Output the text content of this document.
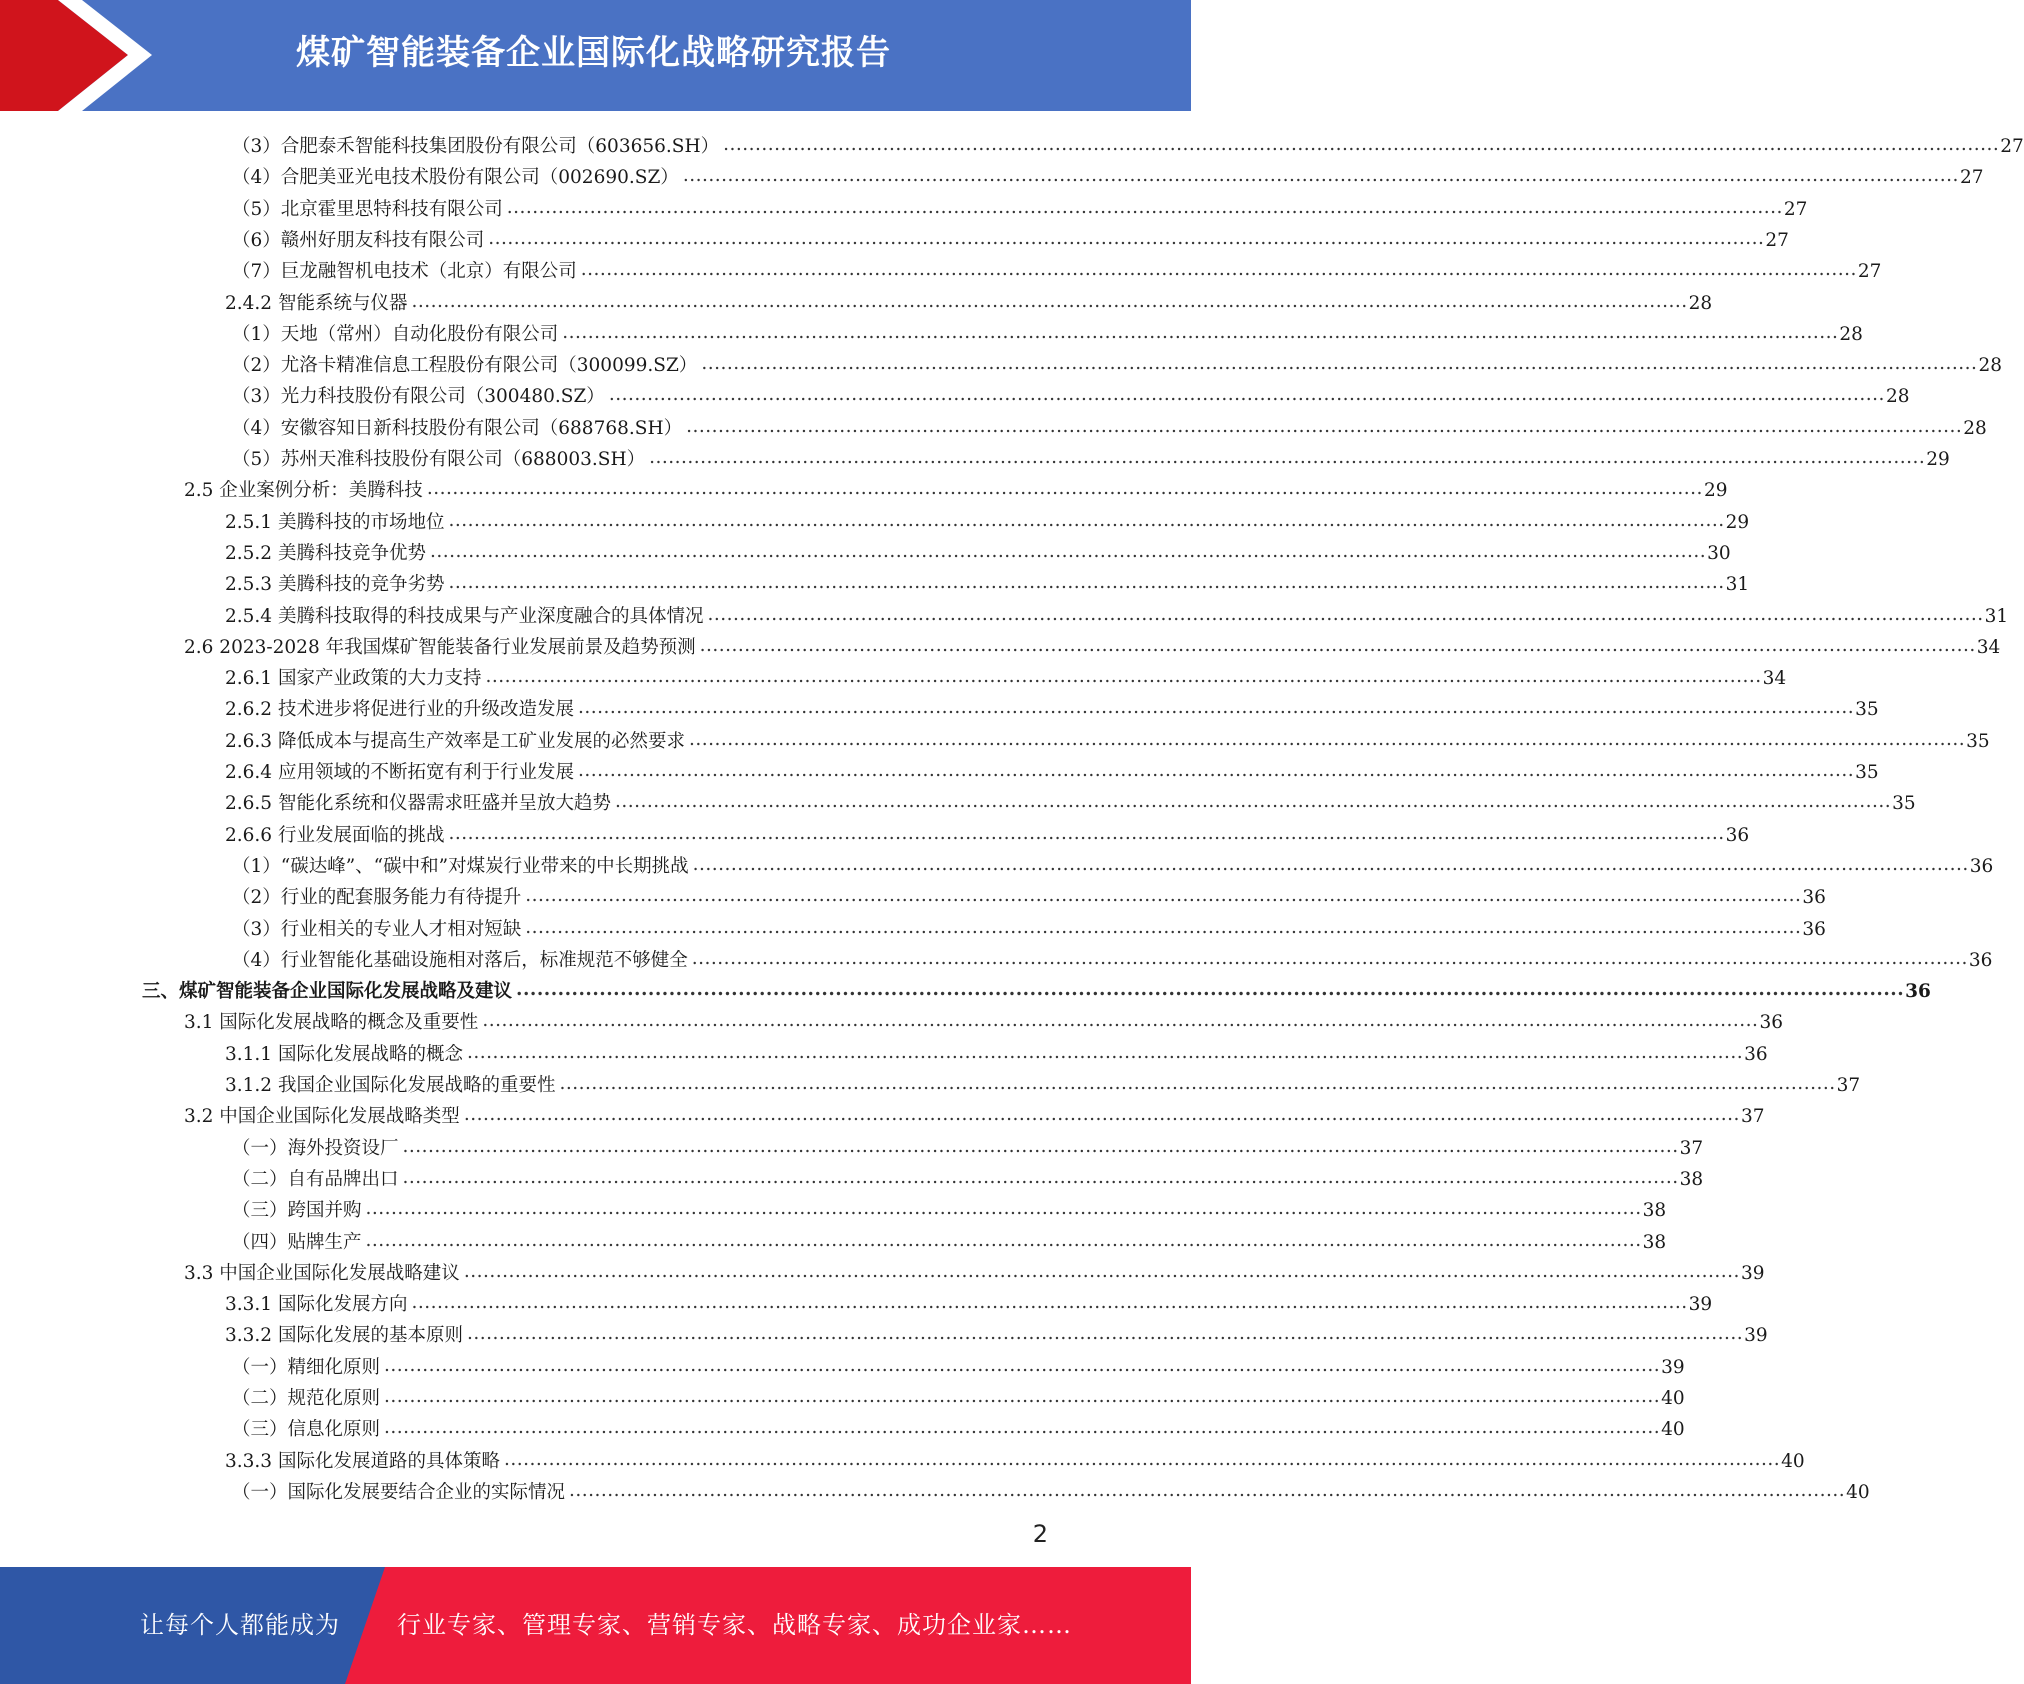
煤矿智能装备企业国际化战略研究报告
（3）合肥泰禾智能科技集团股份有限公司（603656.SH） ........................................................................................................................................................................................................ 27
（4）合肥美亚光电技术股份有限公司（002690.SZ） ........................................................................................................................................................................................................ 27
（5）北京霍里思特科技有限公司 ........................................................................................................................................................................................................ 27
（6）赣州好朋友科技有限公司 ........................................................................................................................................................................................................ 27
（7）巨龙融智机电技术（北京）有限公司 ........................................................................................................................................................................................................ 27
2.4.2 智能系统与仪器 ........................................................................................................................................................................................................ 28
（1）天地（常州）自动化股份有限公司 ........................................................................................................................................................................................................ 28
（2）尤洛卡精准信息工程股份有限公司（300099.SZ） ........................................................................................................................................................................................................ 28
（3）光力科技股份有限公司（300480.SZ） ........................................................................................................................................................................................................ 28
（4）安徽容知日新科技股份有限公司（688768.SH） ........................................................................................................................................................................................................ 28
（5）苏州天准科技股份有限公司（688003.SH） ........................................................................................................................................................................................................ 29
2.5 企业案例分析：美腾科技 ........................................................................................................................................................................................................ 29
2.5.1 美腾科技的市场地位 ........................................................................................................................................................................................................ 29
2.5.2 美腾科技竞争优势 ........................................................................................................................................................................................................ 30
2.5.3 美腾科技的竞争劣势 ........................................................................................................................................................................................................ 31
2.5.4 美腾科技取得的科技成果与产业深度融合的具体情况 ........................................................................................................................................................................................................ 31
2.6 2023-2028 年我国煤矿智能装备行业发展前景及趋势预测 ........................................................................................................................................................................................................ 34
2.6.1 国家产业政策的大力支持 ........................................................................................................................................................................................................ 34
2.6.2 技术进步将促进行业的升级改造发展 ........................................................................................................................................................................................................ 35
2.6.3 降低成本与提高生产效率是工矿业发展的必然要求 ........................................................................................................................................................................................................ 35
2.6.4 应用领域的不断拓宽有利于行业发展 ........................................................................................................................................................................................................ 35
2.6.5 智能化系统和仪器需求旺盛并呈放大趋势 ........................................................................................................................................................................................................ 35
2.6.6 行业发展面临的挑战 ........................................................................................................................................................................................................ 36
（1）“碳达峰”、“碳中和”对煤炭行业带来的中长期挑战 ........................................................................................................................................................................................................ 36
（2）行业的配套服务能力有待提升 ........................................................................................................................................................................................................ 36
（3）行业相关的专业人才相对短缺 ........................................................................................................................................................................................................ 36
（4）行业智能化基础设施相对落后，标准规范不够健全 ........................................................................................................................................................................................................ 36
三、煤矿智能装备企业国际化发展战略及建议 ........................................................................................................................................................................................................ 36
3.1 国际化发展战略的概念及重要性 ........................................................................................................................................................................................................ 36
3.1.1 国际化发展战略的概念 ........................................................................................................................................................................................................ 36
3.1.2 我国企业国际化发展战略的重要性 ........................................................................................................................................................................................................ 37
3.2 中国企业国际化发展战略类型 ........................................................................................................................................................................................................ 37
（一）海外投资设厂 ........................................................................................................................................................................................................ 37
（二）自有品牌出口 ........................................................................................................................................................................................................ 38
（三）跨国并购 ........................................................................................................................................................................................................ 38
（四）贴牌生产 ........................................................................................................................................................................................................ 38
3.3 中国企业国际化发展战略建议 ........................................................................................................................................................................................................ 39
3.3.1 国际化发展方向 ........................................................................................................................................................................................................ 39
3.3.2 国际化发展的基本原则 ........................................................................................................................................................................................................ 39
（一）精细化原则 ........................................................................................................................................................................................................ 39
（二）规范化原则 ........................................................................................................................................................................................................ 40
（三）信息化原则 ........................................................................................................................................................................................................ 40
3.3.3 国际化发展道路的具体策略 ........................................................................................................................................................................................................ 40
（一）国际化发展要结合企业的实际情况 ........................................................................................................................................................................................................ 40
2
让每个人都能成为 行业专家、管理专家、营销专家、战略专家、成功企业家……
